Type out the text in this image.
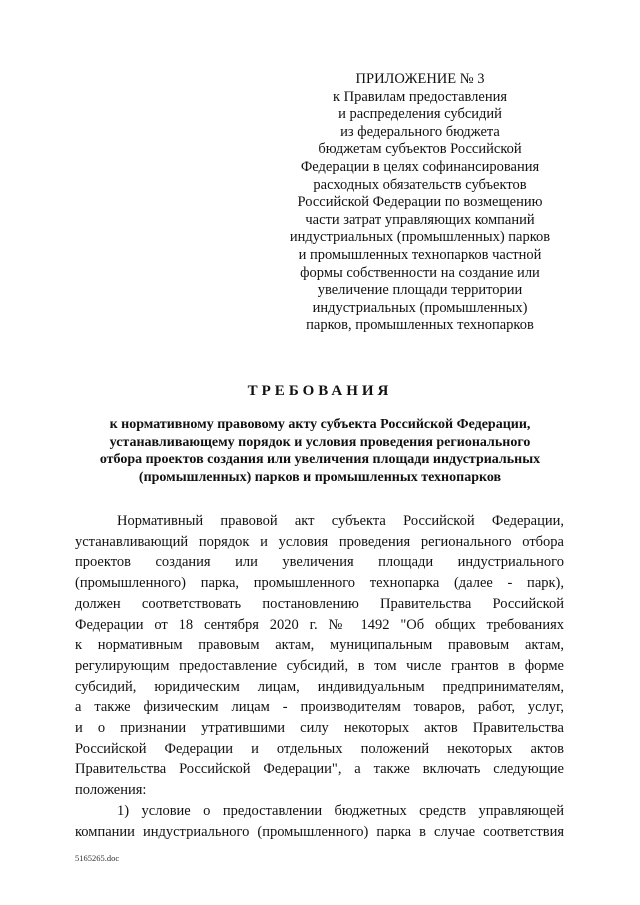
ПРИЛОЖЕНИЕ № 3
к Правилам предоставления
и распределения субсидий
из федерального бюджета
бюджетам субъектов Российской
Федерации в целях софинансирования
расходных обязательств субъектов
Российской Федерации по возмещению
части затрат управляющих компаний
индустриальных (промышленных) парков
и промышленных технопарков частной
формы собственности на создание или
увеличение площади территории
индустриальных (промышленных)
парков, промышленных технопарков
ТРЕБОВАНИЯ
к нормативному правовому акту субъекта Российской Федерации,
устанавливающему порядок и условия проведения регионального
отбора проектов создания или увеличения площади индустриальных
(промышленных) парков и промышленных технопарков
Нормативный правовой акт субъекта Российской Федерации,
устанавливающий порядок и условия проведения регионального отбора
проектов создания или увеличения площади индустриального
(промышленного) парка, промышленного технопарка (далее - парк),
должен соответствовать постановлению Правительства Российской
Федерации от 18 сентября 2020 г. № 1492 "Об общих требованиях
к нормативным правовым актам, муниципальным правовым актам,
регулирующим предоставление субсидий, в том числе грантов в форме
субсидий, юридическим лицам, индивидуальным предпринимателям,
а также физическим лицам - производителям товаров, работ, услуг,
и о признании утратившими силу некоторых актов Правительства
Российской Федерации и отдельных положений некоторых актов
Правительства Российской Федерации", а также включать следующие
положения:
1) условие о предоставлении бюджетных средств управляющей
компании индустриального (промышленного) парка в случае соответствия
5165265.doc
